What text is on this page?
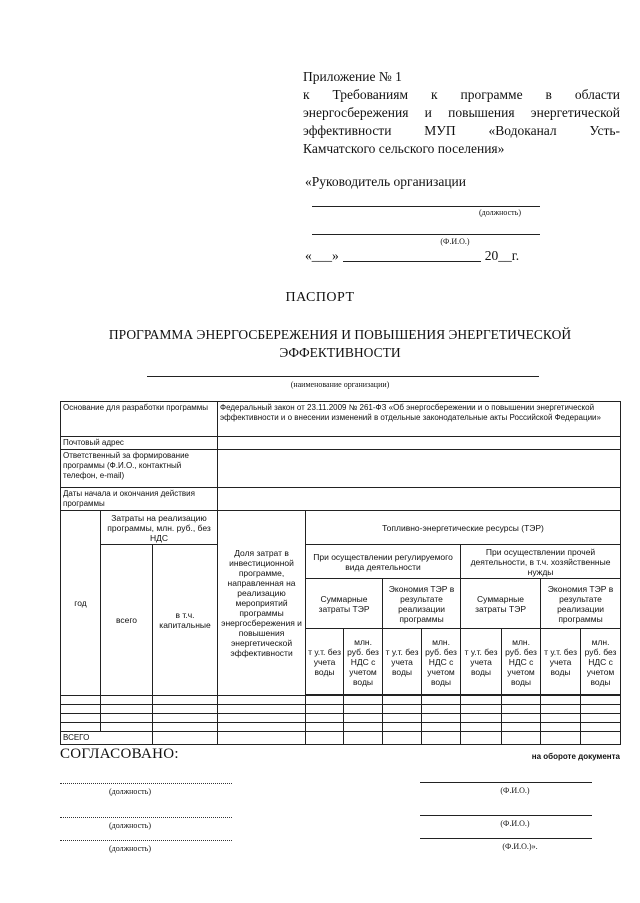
Приложение № 1
к Требованиям к программе в области
энергосбережения и повышения энергетической
эффективности МУП «Водоканал Усть-
Камчатского сельского поселения»
«Руководитель организации
(должность)
(Ф.И.О.)
«___»	20__г.
ПАСПОРТ
ПРОГРАММА ЭНЕРГОСБЕРЕЖЕНИЯ И ПОВЫШЕНИЯ ЭНЕРГЕТИЧЕСКОЙ
ЭФФЕКТИВНОСТИ
(наименование организации)
Основание для разработки программы			Федеральный закон от 23.11.2009 № 261-ФЗ «Об энергосбережении и о повышении энергетической эффективности и о внесении изменений в отдельные законодательные акты Российской Федерации»								
Почтовый адрес											
Ответственный за формирование программы (Ф.И.О., контактный телефон, e-mail)											
Даты начала и окончания действия программы											
год	Затраты на реализацию программы, млн. руб., без НДС		Доля затрат в инвестиционной программе, направленная на реализацию мероприятий программы энергосбережения и повышения энергетической эффективности	Топливно-энергетические ресурсы (ТЭР)							
	всего	в т.ч. капитальные		При осуществлении регулируемого вида деятельности				При осуществлении прочей деятельности, в т.ч. хозяйственные нужды			
				Суммарные затраты ТЭР		Экономия ТЭР в результате реализации программы		Суммарные затраты ТЭР		Экономия ТЭР в результате реализации программы	
				т у.т. без учета воды	млн. руб. без НДС с учетом воды	т у.т. без учета воды	млн. руб. без НДС с учетом воды	т у.т. без учета воды	млн. руб. без НДС с учетом воды	т у.т. без учета воды	млн. руб. без НДС с учетом воды

ВСЕГО											
СОГЛАСОВАНО:	на обороте документа
(должность)	(Ф.И.О.)
(должность)	(Ф.И.О.)
(должность)	(Ф.И.О.)».
